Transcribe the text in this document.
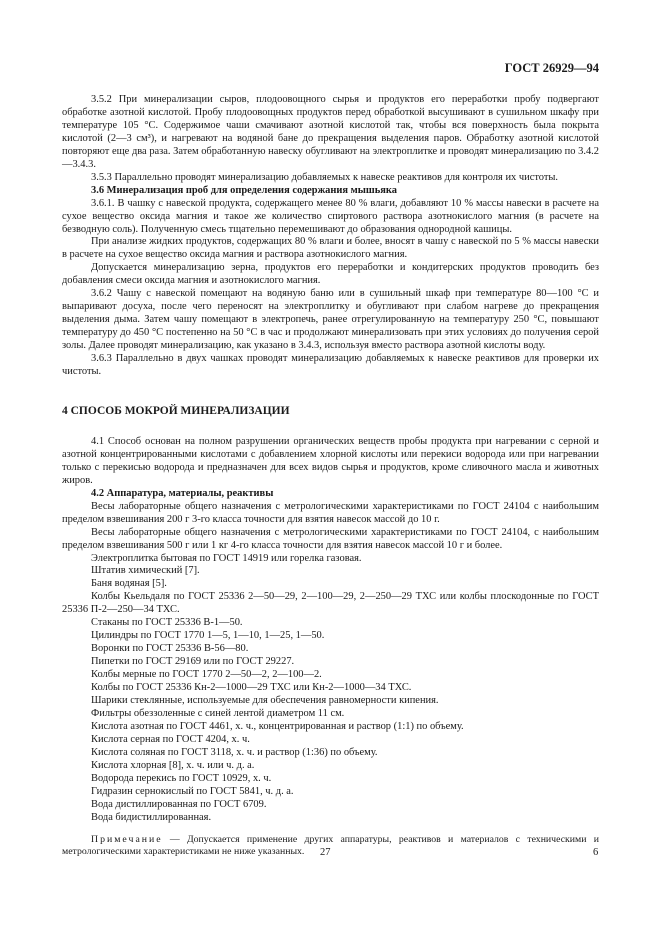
ГОСТ 26929—94

3.5.2 При минерализации сыров, плодоовощного сырья и продуктов его переработки пробу подвергают обработке азотной кислотой. Пробу плодоовощных продуктов перед обработкой высушивают в сушильном шкафу при температуре 105 °С. Содержимое чаши смачивают азотной кислотой так, чтобы вся поверхность была покрыта кислотой (2—3 см³), и нагревают на водяной бане до прекращения выделения паров. Обработку азотной кислотой повторяют еще два раза. Затем обработанную навеску обугливают на электроплитке и проводят минерализацию по 3.4.2—3.4.3.

3.5.3 Параллельно проводят минерализацию добавляемых к навеске реактивов для контроля их чистоты.

3.6 Минерализация проб для определения содержания мышьяка

3.6.1. В чашку с навеской продукта, содержащего менее 80 % влаги, добавляют 10 % массы навески в расчете на сухое вещество оксида магния и такое же количество спиртового раствора азотнокислого магния (в расчете на безводную соль). Полученную смесь тщательно перемешивают до образования однородной кашицы.

При анализе жидких продуктов, содержащих 80 % влаги и более, вносят в чашу с навеской по 5 % массы навески в расчете на сухое вещество оксида магния и раствора азотнокислого магния.

Допускается минерализацию зерна, продуктов его переработки и кондитерских продуктов проводить без добавления смеси оксида магния и азотнокислого магния.

3.6.2 Чашу с навеской помещают на водяную баню или в сушильный шкаф при температуре 80—100 °С и выпаривают досуха, после чего переносят на электроплитку и обугливают при слабом нагреве до прекращения выделения дыма. Затем чашу помещают в электропечь, ранее отрегулированную на температуру 250 °С, повышают температуру до 450 °С постепенно на 50 °С в час и продолжают минерализовать при этих условиях до получения серой золы. Далее проводят минерализацию, как указано в 3.4.3, используя вместо раствора азотной кислоты воду.

3.6.3 Параллельно в двух чашках проводят минерализацию добавляемых к навеске реактивов для проверки их чистоты.

4 СПОСОБ МОКРОЙ МИНЕРАЛИЗАЦИИ

4.1 Способ основан на полном разрушении органических веществ пробы продукта при нагревании с серной и азотной концентрированными кислотами с добавлением хлорной кислоты или перекиси водорода или при нагревании только с перекисью водорода и предназначен для всех видов сырья и продуктов, кроме сливочного масла и животных жиров.

4.2 Аппаратура, материалы, реактивы

Весы лабораторные общего назначения с метрологическими характеристиками по ГОСТ 24104 с наибольшим пределом взвешивания 200 г 3-го класса точности для взятия навесок массой до 10 г.

Весы лабораторные общего назначения с метрологическими характеристиками по ГОСТ 24104, с наибольшим пределом взвешивания 500 г или 1 кг 4-го класса точности для взятия навесок массой 10 г и более.

Электроплитка бытовая по ГОСТ 14919 или горелка газовая.

Штатив химический [7].

Баня водяная [5].

Колбы Кьельдаля по ГОСТ 25336 2—50—29, 2—100—29, 2—250—29 ТХС или колбы плоскодонные по ГОСТ 25336 П-2—250—34 ТХС.

Стаканы по ГОСТ 25336 В-1—50.

Цилиндры по ГОСТ 1770 1—5, 1—10, 1—25, 1—50.

Воронки по ГОСТ 25336 В-56—80.

Пипетки по ГОСТ 29169 или по ГОСТ 29227.

Колбы мерные по ГОСТ 1770 2—50—2, 2—100—2.

Колбы по ГОСТ 25336 Кн-2—1000—29 ТХС или Кн-2—1000—34 ТХС.

Шарики стеклянные, используемые для обеспечения равномерности кипения.

Фильтры обеззоленные с синей лентой диаметром 11 см.

Кислота азотная по ГОСТ 4461, х. ч., концентрированная и раствор (1:1) по объему.

Кислота серная по ГОСТ 4204, х. ч.

Кислота соляная по ГОСТ 3118, х. ч. и раствор (1:36) по объему.

Кислота хлорная [8], х. ч. или ч. д. а.

Водорода перекись по ГОСТ 10929, х. ч.

Гидразин сернокислый по ГОСТ 5841, ч. д. а.

Вода дистиллированная по ГОСТ 6709.

Вода бидистиллированная.

Примечание — Допускается применение других аппаратуры, реактивов и материалов с техническими и метрологическими характеристиками не ниже указанных.	27	6
